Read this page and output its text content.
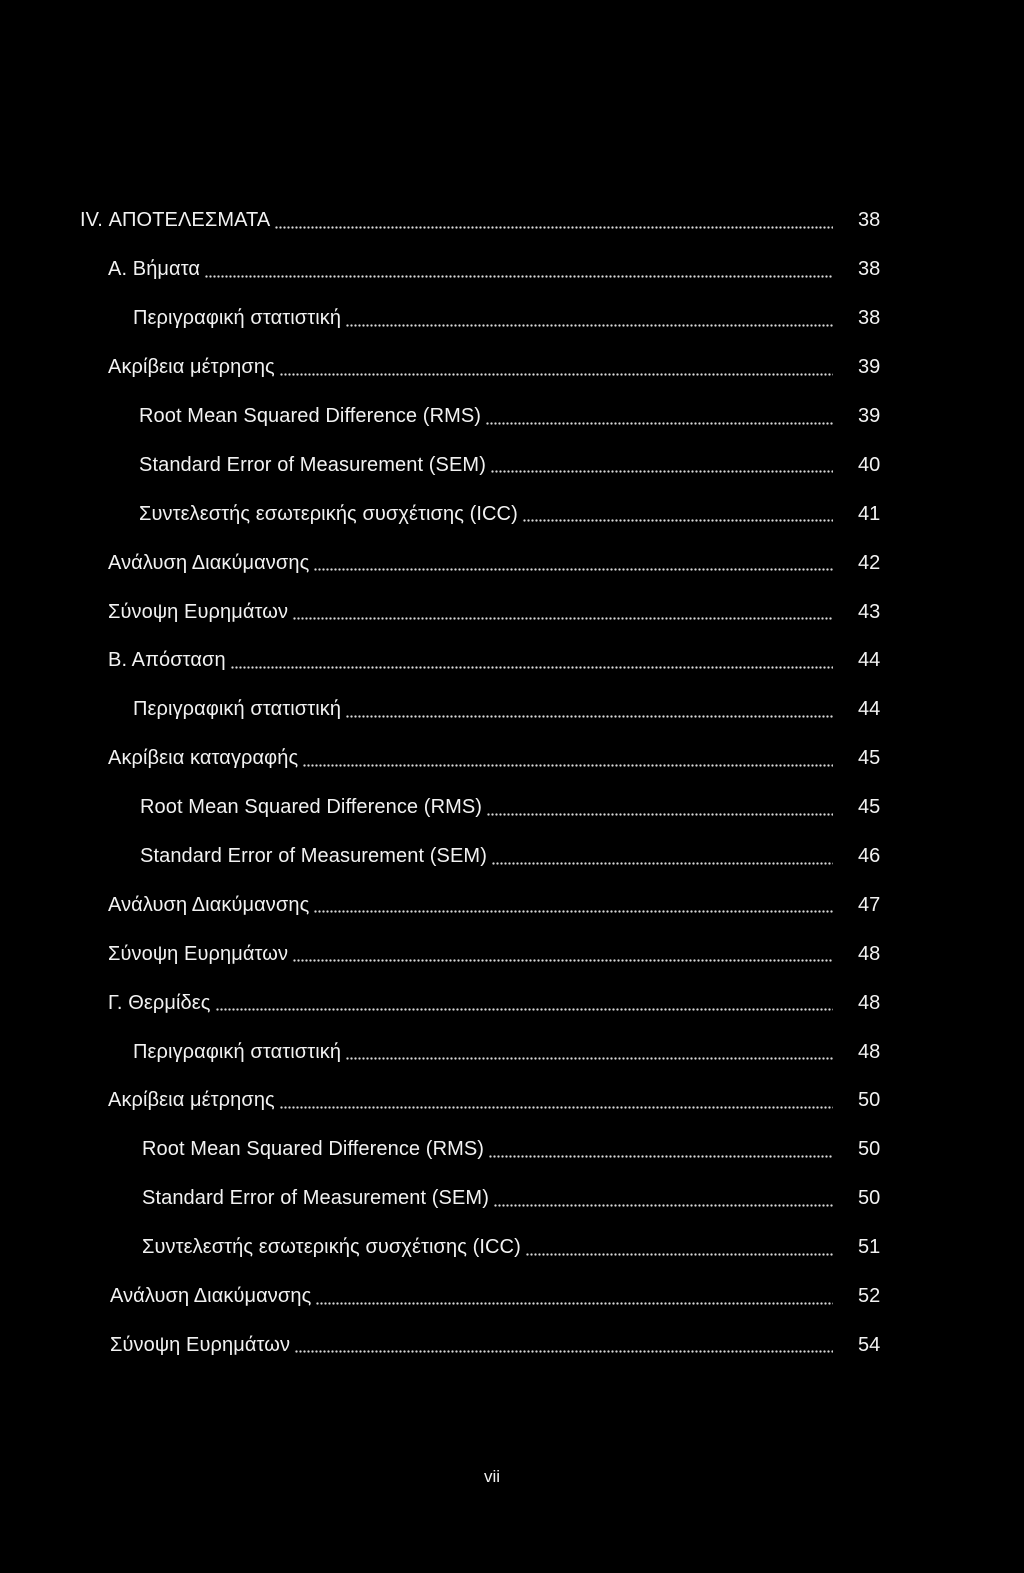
IV. ΑΠΟΤΕΛΕΣΜΑΤΑ	38
Α. Βήματα	38
Περιγραφική στατιστική	38
Ακρίβεια μέτρησης	39
Root Mean Squared Difference (RMS)	39
Standard Error of Measurement (SEM)	40
Συντελεστής εσωτερικής συσχέτισης (ICC)	41
Ανάλυση Διακύμανσης	42
Σύνοψη Ευρημάτων	43
Β. Απόσταση	44
Περιγραφική στατιστική	44
Ακρίβεια καταγραφής	45
Root Mean Squared Difference (RMS)	45
Standard Error of Measurement (SEM)	46
Ανάλυση Διακύμανσης	47
Σύνοψη Ευρημάτων	48
Γ. Θερμίδες	48
Περιγραφική στατιστική	48
Ακρίβεια μέτρησης	50
Root Mean Squared Difference (RMS)	50
Standard Error of Measurement (SEM)	50
Συντελεστής εσωτερικής συσχέτισης (ICC)	51
Ανάλυση Διακύμανσης	52
Σύνοψη Ευρημάτων	54
vii
